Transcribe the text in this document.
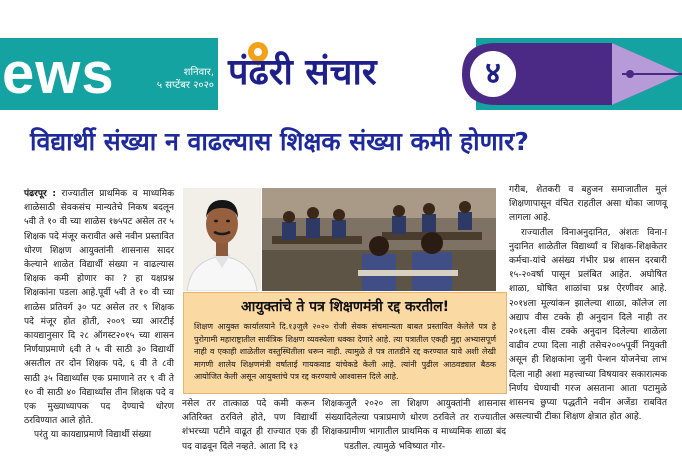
ews	शनिवार,
५ सप्टेंबर २०२० पंढरी संचार	४
विद्यार्थी संख्या न वाढल्यास शिक्षक संख्या कमी होणार?
पंढरपूर : राज्यातील प्राथमिक व माध्यमिक शाळेसाठी सेवकसंच मान्यतेचे निकष बदलून ५वी ते १० वी च्या शाळेस १७५पट असेल तर ५ शिक्षक पदे मंजूर करावीत असे नवीन प्रस्तावित धोरण शिक्षण आयुक्तांनी शासनास सादर केल्याने शाळेत विद्यार्थी संख्या न वाढल्यास शिक्षक कमी होणार का ? हा यक्षप्रश्न शिक्षकांना पडला आहे.पूर्वी ५वी ते १० वी च्या शाळेस प्रतिवर्ग ३० पट असेल तर ९ शिक्षक पदे मंजूर होत होती, २००९ च्या आरटीई कायद्यानुसार दि २८ ऑगस्ट२०१५ च्या शासन निर्णयाप्रमाणे ६वी ते ५ वी साठी ३० विद्यार्थी असतील तर दोन शिक्षक पदे, ६ वी ते ८वी साठी ३५ विद्यार्थ्यांस एक प्रमाणाने तर ९ वी ते १० वी साठी ४० विद्यार्थ्यांस तीन शिक्षक पदे व एक मुख्याध्यापक पद देण्याचे धोरण ठरविण्यात आले होते.
परंतु या कायद्याप्रमाणे विद्यार्थी संख्या
आयुक्तांचे ते पत्र शिक्षणमंत्री रद्द करतील!
शिक्षण आयुक्त कार्यालयाने दि.१३जुलै २०२० रोजी सेवक संचमान्यता बाबत प्रस्तावित केलेले पत्र हे पुरोगामी महाराष्ट्रातील सार्वत्रिक शिक्षण व्यवस्थेला धक्का देणारे आहे. त्या पत्रातील एकही मुद्दा अभ्यासपूर्ण नाही व एकाही शाळेतील वस्तुस्थितीला धरून नाही. त्यामुळे ते पत्र तातडीने रद्द करण्यात यावे अशी लेखी मागणी शालेय शिक्षणमंत्री वर्षाताई गायकवाड यांचेकडे केली आहे. त्यांनी पुढील आठवड्यात बैठक आयोजित केली असून आयुक्तांचे पत्र रद्द करण्याचे आश्वासन दिले आहे.
नसेल तर तात्काळ पदे कमी करून शिक्षक अतिरिक्त ठरविले होते, पण विद्यार्थी संख्या शंभरच्या पटीने वाढूत ही राज्यात एक ही शिक्षक पद वाढवून दिले नव्हते. आता दि १३
जुलै २०२० ला शिक्षण आयुक्तांनी शासनास दिलेल्या पत्राप्रमाणे धोरण ठरविले तर राज्यातील ग्रामीण भागातील प्राथमिक व माध्यमिक शाळा बंद पडतील. त्यामुळे भविष्यात गोर-
गरीब, शेतकरी व बहुजन समाजातील मुलं शिक्षणापासून वंचित राहतील असा धोका जाणवू लागला आहे.
राज्यातील विनाअनुदानित, अंशतः विना-ानुदानित शाळेतील विद्यार्थ्यां व शिक्षक-शिक्षकेतर कर्मचा-यांचे असंख्य गंभीर प्रश्न शासन दरबारी १५-२०वर्षा पासून प्रलंबित आहेत. अघोषित शाळा, घोषित शाळांचा प्रश्न ऐरणीवर आहे. २०१४ला मूल्यांकन झालेल्या शाळा, कॉलेज ला अद्याप वीस टक्के ही अनुदान दिले नाही तर २०१६ला वीस टक्के अनुदान दिलेल्या शाळेला वाढीव टप्पा दिला नाही तसेच२००५पूर्वी नियुक्ती असून ही शिक्षकांना जुनी पेन्शन योजनेचा लाभ दिला नाही अशा महत्त्वाच्या विषयावर सकारात्मक निर्णय घेण्याची गरज असताना आता पटामुळे शासनच छुप्या पद्धतीने नवीन अजेंडा राबवित असल्याची टीका शिक्षण क्षेत्रात होत आहे.
